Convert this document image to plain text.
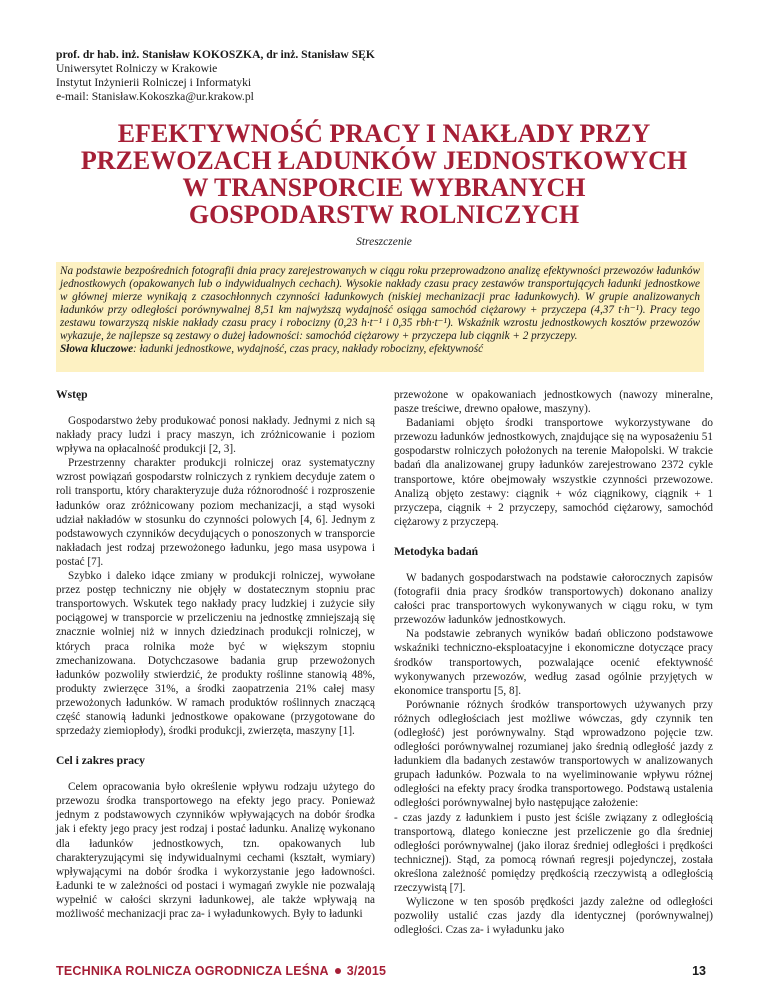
prof. dr hab. inż. Stanisław KOKOSZKA, dr inż. Stanisław SĘK
Uniwersytet Rolniczy w Krakowie
Instytut Inżynierii Rolniczej i Informatyki
e-mail: Stanisław.Kokoszka@ur.krakow.pl
EFEKTYWNOŚĆ PRACY I NAKŁADY PRZY
PRZEWOZACH ŁADUNKÓW JEDNOSTKOWYCH
W TRANSPORCIE WYBRANYCH
GOSPODARSTW ROLNICZYCH
Streszczenie
Na podstawie bezpośrednich fotografii dnia pracy zarejestrowanych w ciągu roku przeprowadzono analizę efektywności przewozów ładunków jednostkowych (opakowanych lub o indywidualnych cechach). Wysokie nakłady czasu pracy zestawów transportujących ładunki jednostkowe w głównej mierze wynikają z czasochłonnych czynności ładunkowych (niskiej mechanizacji prac ładunkowych). W grupie analizowanych ładunków przy odległości porównywalnej 8,51 km najwyższą wydajność osiąga samochód ciężarowy + przyczepa (4,37 t·h⁻¹). Pracy tego zestawu towarzyszą niskie nakłady czasu pracy i robocizny (0,23 h·t⁻¹ i 0,35 rbh·t⁻¹). Wskaźnik wzrostu jednostkowych kosztów przewozów wykazuje, że najlepsze są zestawy o dużej ładowności: samochód ciężarowy + przyczepa lub ciągnik + 2 przyczepy.
Słowa kluczowe: ładunki jednostkowe, wydajność, czas pracy, nakłady robocizny, efektywność
Wstęp

Gospodarstwo żeby produkować ponosi nakłady. Jednymi z nich są nakłady pracy ludzi i pracy maszyn, ich zróżnicowanie i poziom wpływa na opłacalność produkcji [2, 3].

Przestrzenny charakter produkcji rolniczej oraz systematyczny wzrost powiązań gospodarstw rolniczych z rynkiem decyduje zatem o roli transportu, który charakteryzuje duża różnorodność i rozproszenie ładunków oraz zróżnicowany poziom mechanizacji, a stąd wysoki udział nakładów w stosunku do czynności polowych [4, 6]. Jednym z podstawowych czynników decydujących o ponoszonych w transporcie nakładach jest rodzaj przewożonego ładunku, jego masa usypowa i postać [7].

Szybko i daleko idące zmiany w produkcji rolniczej, wywołane przez postęp techniczny nie objęły w dostatecznym stopniu prac transportowych. Wskutek tego nakłady pracy ludzkiej i zużycie siły pociągowej w transporcie w przeliczeniu na jednostkę zmniejszają się znacznie wolniej niż w innych dziedzinach produkcji rolniczej, w których praca rolnika może być w większym stopniu zmechanizowana. Dotychczasowe badania grup przewożonych ładunków pozwoliły stwierdzić, że produkty roślinne stanowią 48%, produkty zwierzęce 31%, a środki zaopatrzenia 21% całej masy przewożonych ładunków. W ramach produktów roślinnych znaczącą część stanowią ładunki jednostkowe opakowane (przygotowane do sprzedaży ziemiopłody), środki produkcji, zwierzęta, maszyny [1].

Cel i zakres pracy

Celem opracowania było określenie wpływu rodzaju użytego do przewozu środka transportowego na efekty jego pracy. Ponieważ jednym z podstawowych czynników wpływających na dobór środka jak i efekty jego pracy jest rodzaj i postać ładunku. Analizę wykonano dla ładunków jednostkowych, tzn. opakowanych lub charakteryzującymi się indywidualnymi cechami (kształt, wymiary) wpływającymi na dobór środka i wykorzystanie jego ładowności. Ładunki te w zależności od postaci i wymagań zwykle nie pozwalają wypełnić w całości skrzyni ładunkowej, ale także wpływają na możliwość mechanizacji prac za- i wyładunkowych. Były to ładunki

przewożone w opakowaniach jednostkowych (nawozy mineralne, pasze treściwe, drewno opałowe, maszyny).

Badaniami objęto środki transportowe wykorzystywane do przewozu ładunków jednostkowych, znajdujące się na wyposażeniu 51 gospodarstw rolniczych położonych na terenie Małopolski. W trakcie badań dla analizowanej grupy ładunków zarejestrowano 2372 cykle transportowe, które obejmowały wszystkie czynności przewozowe. Analizą objęto zestawy: ciągnik + wóz ciągnikowy, ciągnik + 1 przyczepa, ciągnik + 2 przyczepy, samochód ciężarowy, samochód ciężarowy z przyczepą.

Metodyka badań

W badanych gospodarstwach na podstawie całorocznych zapisów (fotografii dnia pracy środków transportowych) dokonano analizy całości prac transportowych wykonywanych w ciągu roku, w tym przewozów ładunków jednostkowych.

Na podstawie zebranych wyników badań obliczono podstawowe wskaźniki techniczno-eksploatacyjne i ekonomiczne dotyczące pracy środków transportowych, pozwalające ocenić efektywność wykonywanych przewozów, według zasad ogólnie przyjętych w ekonomice transportu [5, 8].

Porównanie różnych środków transportowych używanych przy różnych odległościach jest możliwe wówczas, gdy czynnik ten (odległość) jest porównywalny. Stąd wprowadzono pojęcie tzw. odległości porównywalnej rozumianej jako średnią odległość jazdy z ładunkiem dla badanych zestawów transportowych w analizowanych grupach ładunków. Pozwala to na wyeliminowanie wpływu różnej odległości na efekty pracy środka transportowego. Podstawą ustalenia odległości porównywalnej było następujące założenie:

- czas jazdy z ładunkiem i pusto jest ściśle związany z odległością transportową, dlatego konieczne jest przeliczenie go dla średniej odległości porównywalnej (jako iloraz średniej odległości i prędkości technicznej). Stąd, za pomocą równań regresji pojedynczej, została określona zależność pomiędzy prędkością rzeczywistą a odległością rzeczywistą [7].

Wyliczone w ten sposób prędkości jazdy zależne od odległości pozwoliły ustalić czas jazdy dla identycznej (porównywalnej) odległości. Czas za- i wyładunku jako

TECHNIKA ROLNICZA OGRODNICZA LEŚNA 3/2015	13
